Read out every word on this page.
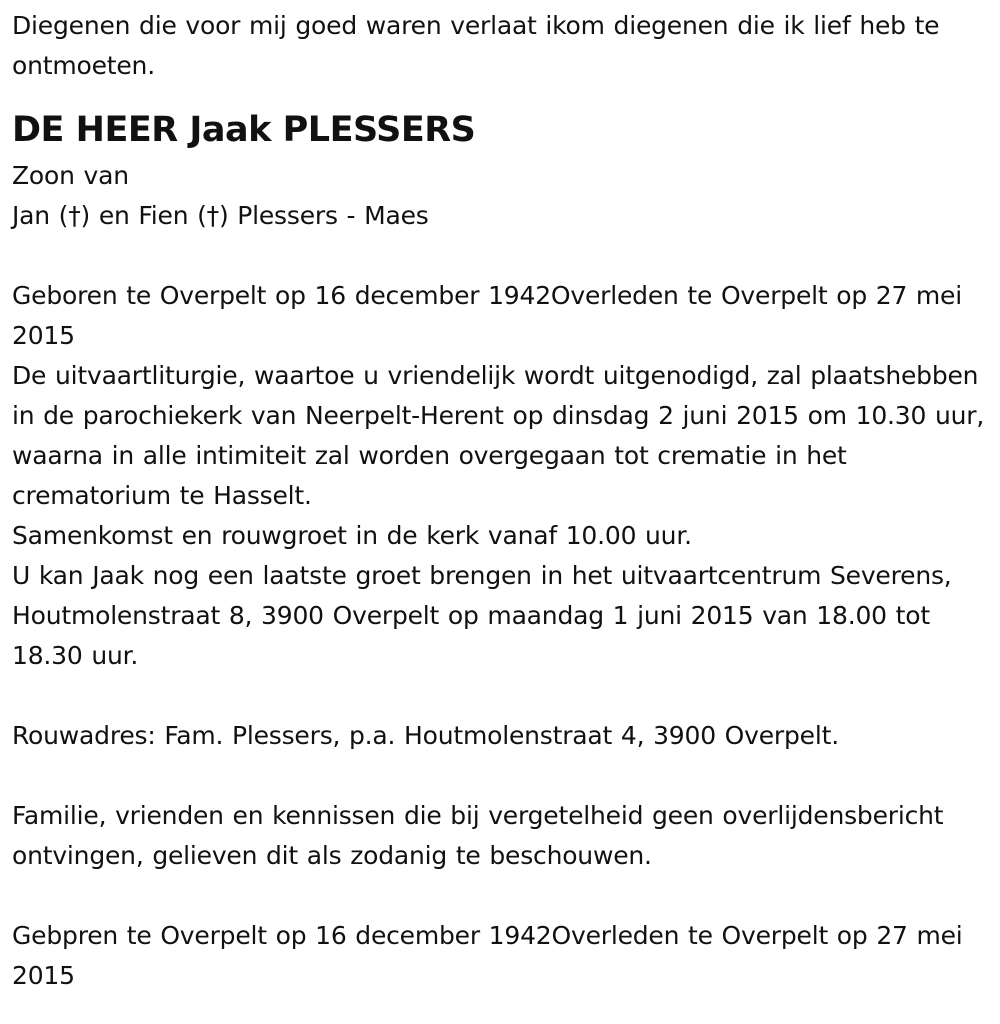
Diegenen die voor mij goed waren verlaat ikom diegenen die ik lief heb te ontmoeten.

DE HEER Jaak PLESSERS

Zoon van

Jan (†) en Fien (†) Plessers - Maes

Geboren te Overpelt op 16 december 1942Overleden te Overpelt op 27 mei 2015

De uitvaartliturgie, waartoe u vriendelijk wordt uitgenodigd, zal plaatshebben in de parochiekerk van Neerpelt-Herent op dinsdag 2 juni 2015 om 10.30 uur, waarna in alle intimiteit zal worden overgegaan tot crematie in het crematorium te Hasselt.

Samenkomst en rouwgroet in de kerk vanaf 10.00 uur.

U kan Jaak nog een laatste groet brengen in het uitvaartcentrum Severens, Houtmolenstraat 8, 3900 Overpelt op maandag 1 juni 2015 van 18.00 tot 18.30 uur.

Rouwadres: Fam. Plessers, p.a. Houtmolenstraat 4, 3900 Overpelt.

Familie, vrienden en kennissen die bij vergetelheid geen overlijdensbericht ontvingen, gelieven dit als zodanig te beschouwen.

Gebpren te Overpelt op 16 december 1942Overleden te Overpelt op 27 mei 2015
